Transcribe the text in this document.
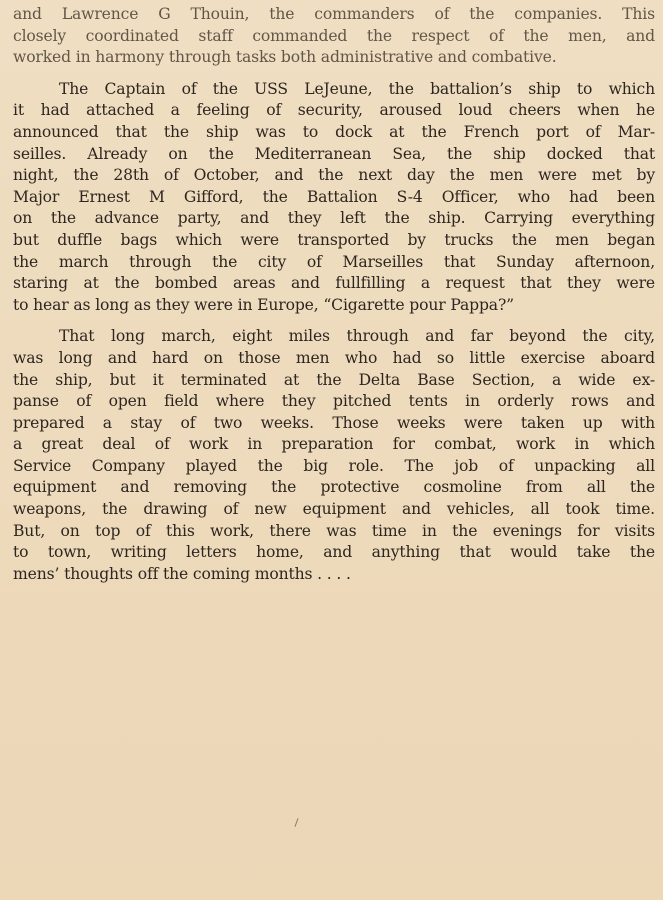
and Lawrence G Thouin, the commanders of the companies. This
closely coordinated staff commanded the respect of the men, and
worked in harmony through tasks both administrative and combative.
The Captain of the USS LeJeune, the battalion’s ship to which
it had attached a feeling of security, aroused loud cheers when he
announced that the ship was to dock at the French port of Mar-
seilles. Already on the Mediterranean Sea, the ship docked that
night, the 28th of October, and the next day the men were met by
Major Ernest M Gifford, the Battalion S-4 Officer, who had been
on the advance party, and they left the ship. Carrying everything
but duffle bags which were transported by trucks the men began
the march through the city of Marseilles that Sunday afternoon,
staring at the bombed areas and fullfilling a request that they were
to hear as long as they were in Europe, “Cigarette pour Pappa?”
That long march, eight miles through and far beyond the city,
was long and hard on those men who had so little exercise aboard
the ship, but it terminated at the Delta Base Section, a wide ex-
panse of open field where they pitched tents in orderly rows and
prepared a stay of two weeks. Those weeks were taken up with
a great deal of work in preparation for combat, work in which
Service Company played the big role. The job of unpacking all
equipment and removing the protective cosmoline from all the
weapons, the drawing of new equipment and vehicles, all took time.
But, on top of this work, there was time in the evenings for visits
to town, writing letters home, and anything that would take the
mens’ thoughts off the coming months . . . .
